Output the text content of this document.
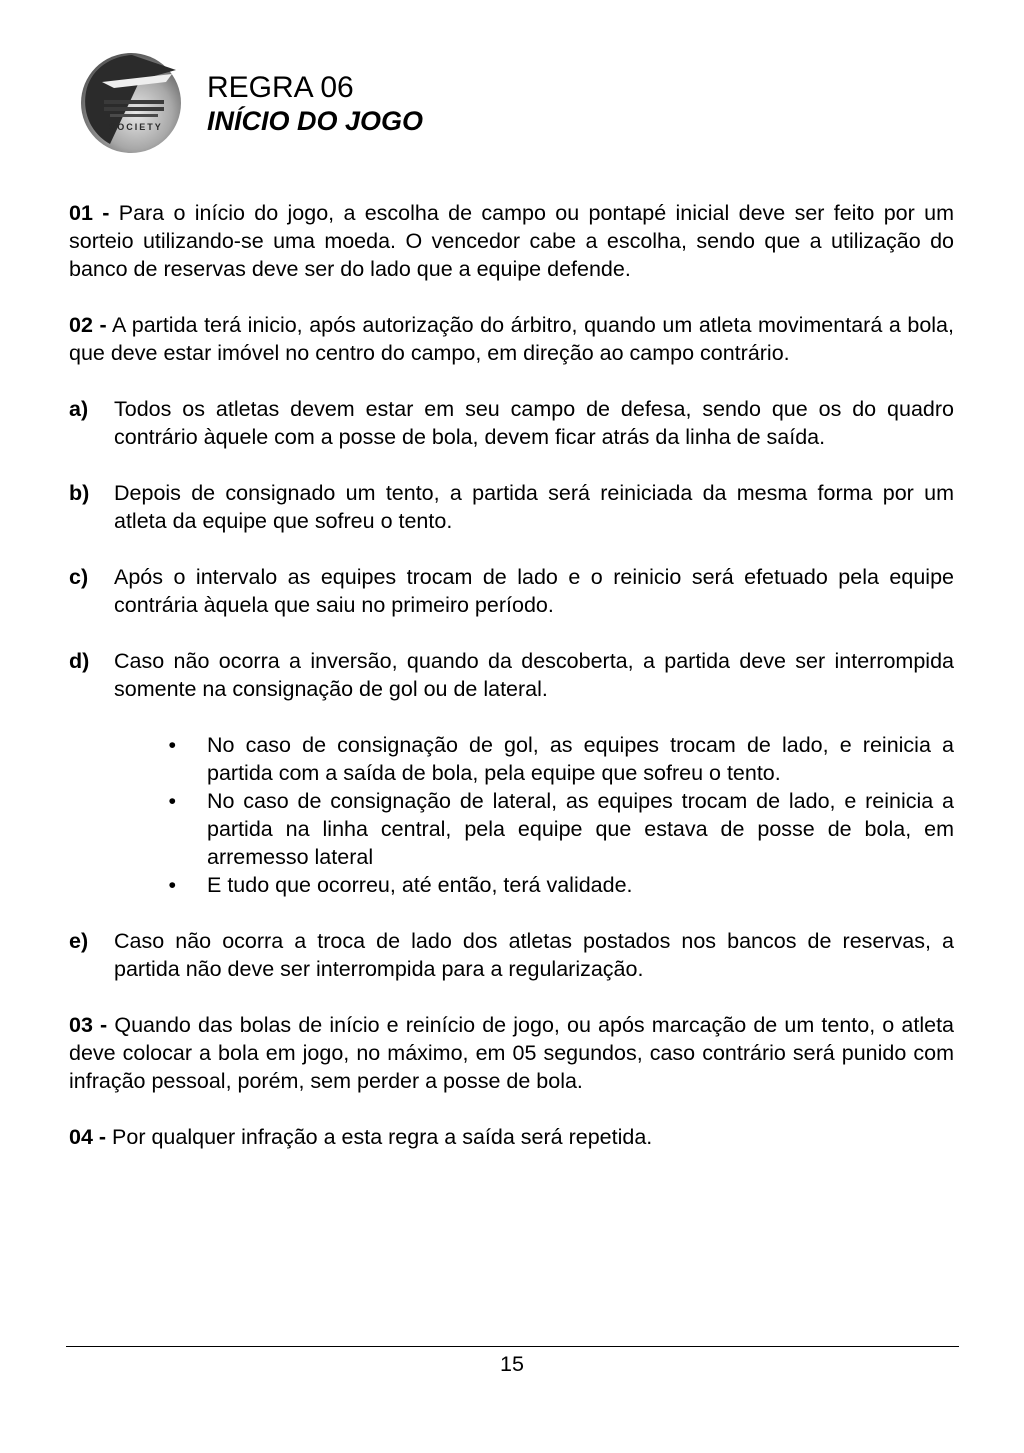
SOCIETY
REGRA 06
INÍCIO DO JOGO

01 - Para o início do jogo, a escolha de campo ou pontapé inicial deve ser feito por um sorteio utilizando-se uma moeda. O vencedor cabe a escolha, sendo que a utilização do banco de reservas deve ser do lado que a equipe defende.

02 - A partida terá inicio, após autorização do árbitro, quando um atleta movimentará a bola, que deve estar imóvel no centro do campo, em direção ao campo contrário.

a)	Todos os atletas devem estar em seu campo de defesa, sendo que os do quadro contrário àquele com a posse de bola, devem ficar atrás da linha de saída.
b)	Depois de consignado um tento, a partida será reiniciada da mesma forma por um atleta da equipe que sofreu o tento.
c)	Após o intervalo as equipes trocam de lado e o reinicio será efetuado pela equipe contrária àquela que saiu no primeiro período.
d)	Caso não ocorra a inversão, quando da descoberta, a partida deve ser interrompida somente na consignação de gol ou de lateral.
•	No caso de consignação de gol, as equipes trocam de lado, e reinicia a partida com a saída de bola, pela equipe que sofreu o tento.
•	No caso de consignação de lateral, as equipes trocam de lado, e reinicia a partida na linha central, pela equipe que estava de posse de bola, em arremesso lateral
•	E tudo que ocorreu, até então, terá validade.
e)	Caso não ocorra a troca de lado dos atletas postados nos bancos de reservas, a partida não deve ser interrompida para a regularização.

03 - Quando das bolas de início e reinício de jogo, ou após marcação de um tento, o atleta deve colocar a bola em jogo, no máximo, em 05 segundos, caso contrário será punido com infração pessoal, porém, sem perder a posse de bola.

04 - Por qualquer infração a esta regra a saída será repetida.

15
